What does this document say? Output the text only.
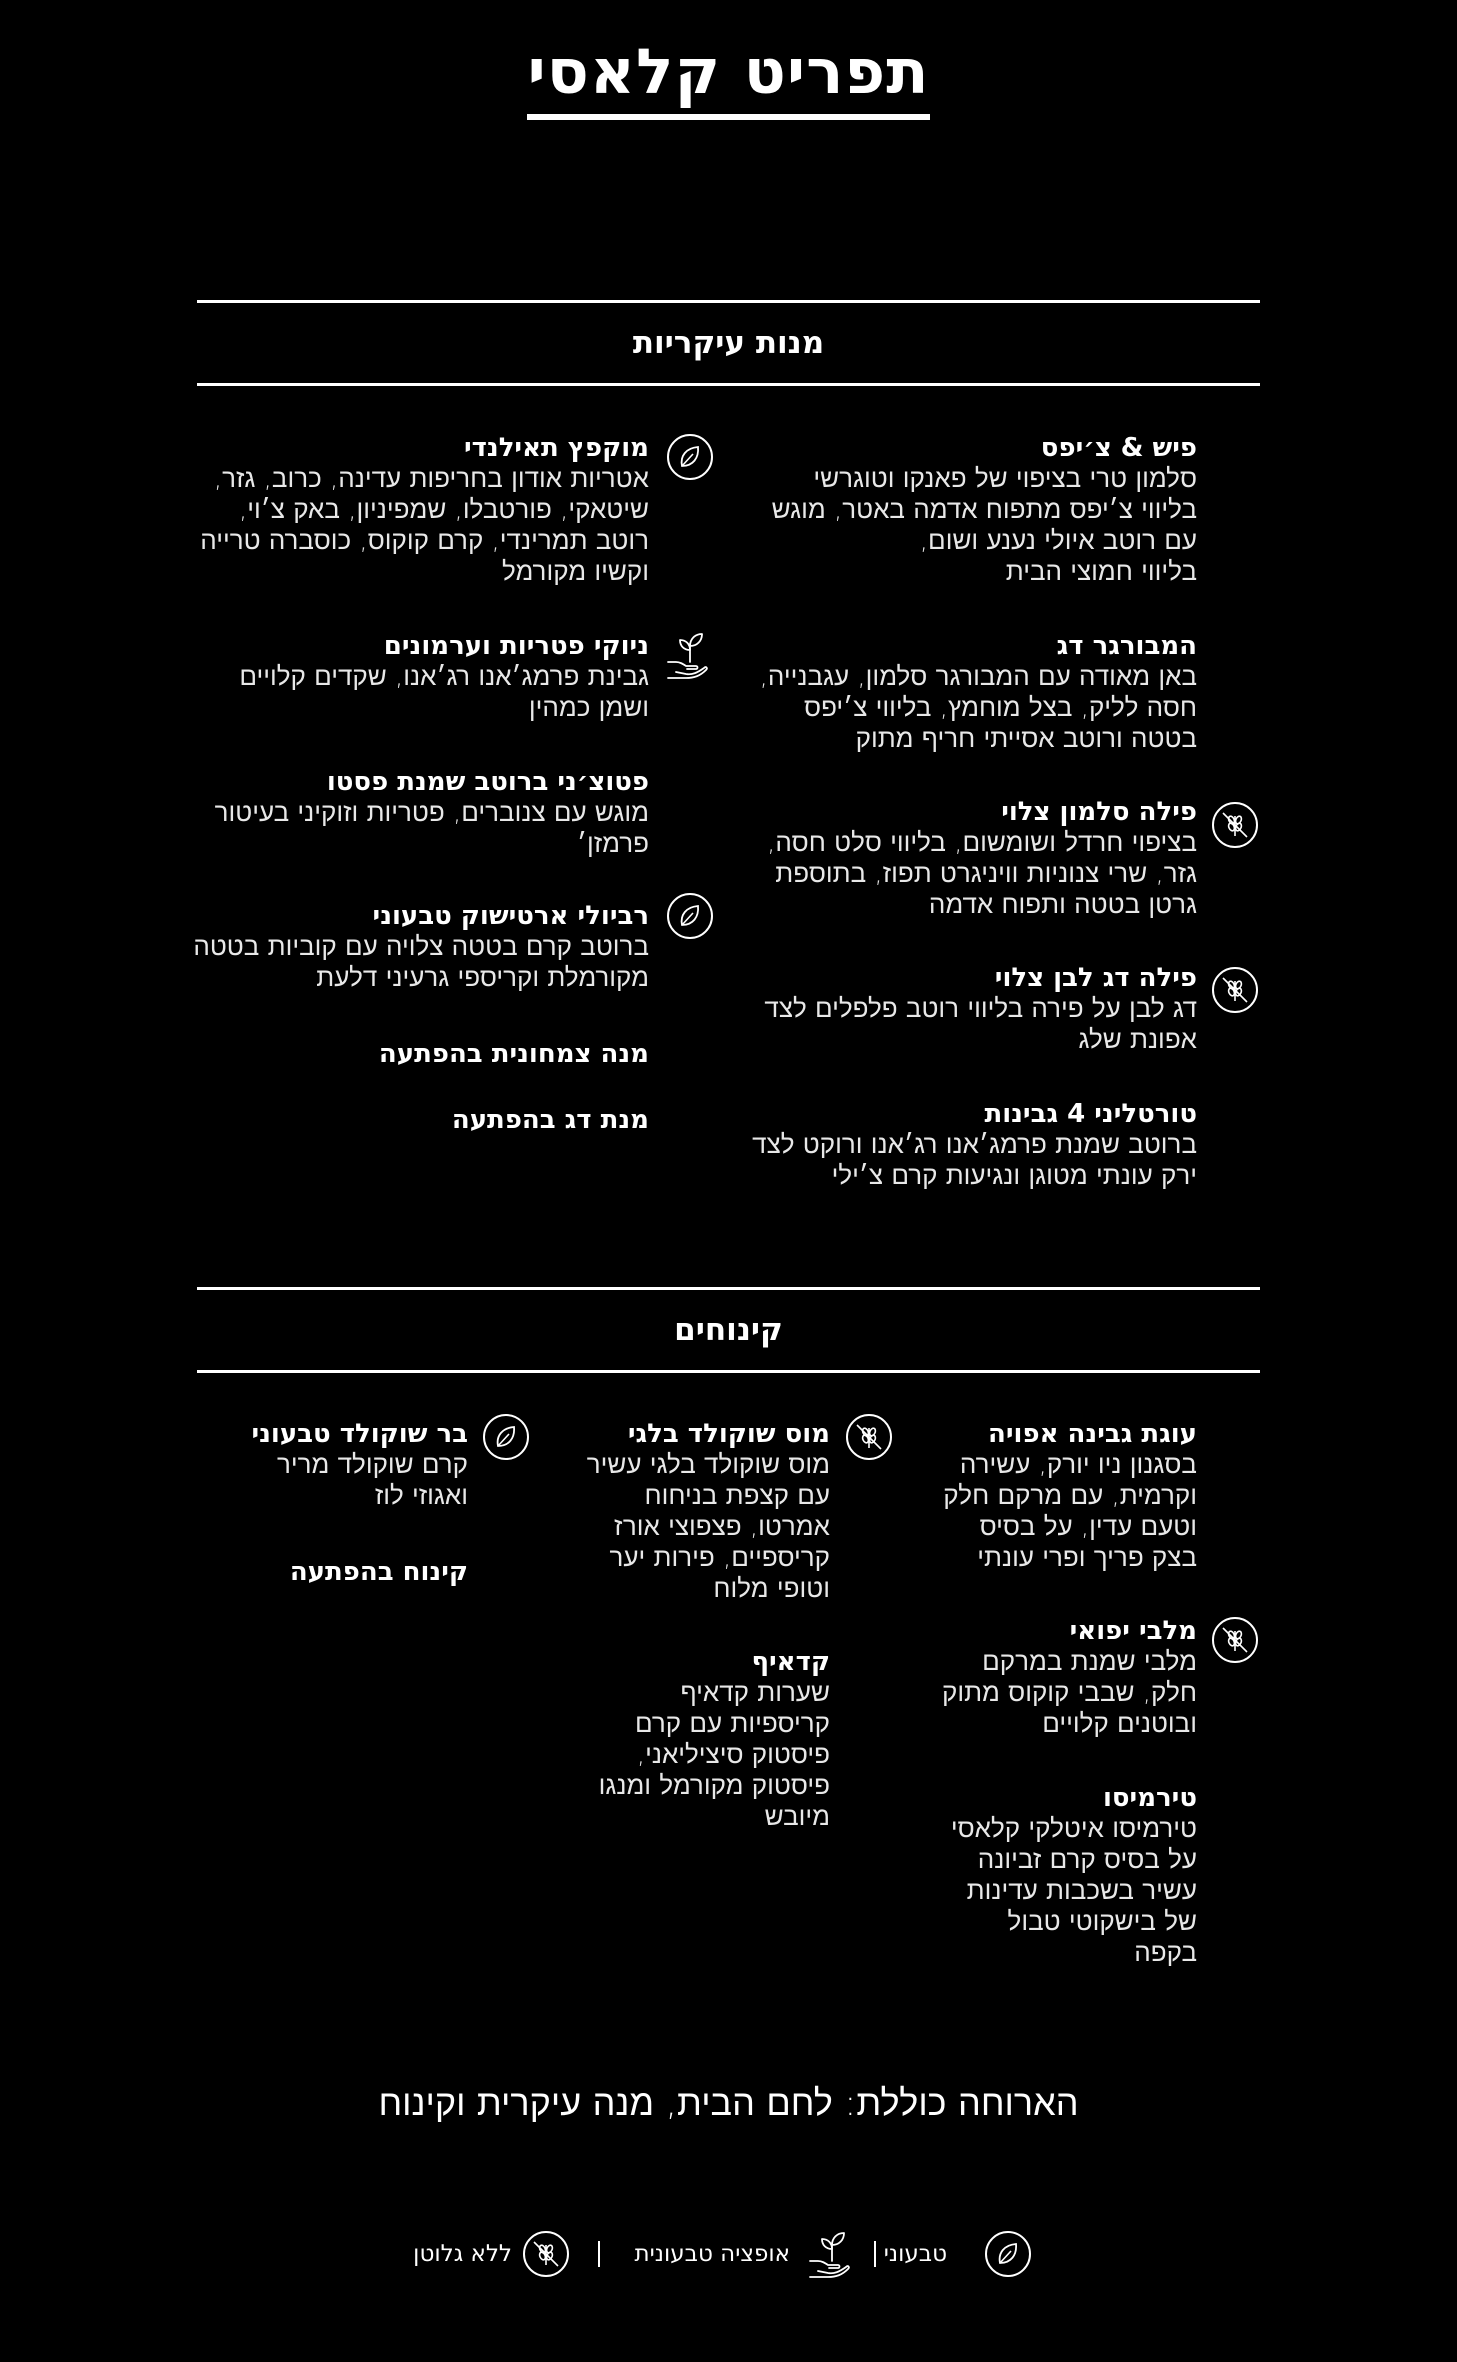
תפריט קלאסי
מנות עיקריות
פיש & צ׳יפס
סלמון טרי בציפוי של פאנקו וטוגרשי
בליווי צ׳יפס מתפוח אדמה באטר, מוגש
עם רוטב איולי נענע ושום,
בליווי חמוצי הבית
המבורגר דג
באן מאודה עם המבורגר סלמון, עגבנייה,
חסה לליק, בצל מוחמץ, בליווי צ׳יפס
בטטה ורוטב אסייתי חריף מתוק
פילה סלמון צלוי
בציפוי חרדל ושומשום, בליווי סלט חסה,
גזר, שרי צנוניות וויניגרט תפוז, בתוספת
גרטן בטטה ותפוח אדמה
פילה דג לבן צלוי
דג לבן על פירה בליווי רוטב פלפלים לצד
אפונת שלג
טורטליני 4 גבינות
ברוטב שמנת פרמג׳אנו רג׳אנו ורוקט לצד
ירק עונתי מטוגן ונגיעות קרם צ׳ילי
מוקפץ תאילנדי
אטריות אודון בחריפות עדינה, כרוב, גזר,
שיטאקי, פורטבלו, שמפיניון, באק צ׳וי,
רוטב תמרינדי, קרם קוקוס, כוסברה טרייה
וקשיו מקורמל
ניוקי פטריות וערמונים
גבינת פרמג׳אנו רג׳אנו, שקדים קלויים
ושמן כמהין
פטוצ׳ני ברוטב שמנת פסטו
מוגש עם צנוברים, פטריות וזוקיני בעיטור
פרמזן׳
רביולי ארטישוק טבעוני
ברוטב קרם בטטה צלויה עם קוביות בטטה
מקורמלת וקריספי גרעיני דלעת
מנה צמחונית בהפתעה
מנת דג בהפתעה
קינוחים
עוגת גבינה אפויה
בסגנון ניו יורק, עשירה
וקרמית, עם מרקם חלק
וטעם עדין, על בסיס
בצק פריך ופרי עונתי
מלבי יפואי
מלבי שמנת במרקם
חלק, שבבי קוקוס מתוק
ובוטנים קלויים
טירמיסו
טירמיסו איטלקי קלאסי
על בסיס קרם זביונה
עשיר בשכבות עדינות
של בישקוטי טבול
בקפה
מוס שוקולד בלגי
מוס שוקולד בלגי עשיר
עם קצפת בניחוח
אמרטו, פצפוצי אורז
קריספיים, פירות יער
וטופי מלוח
קדאיף
שערות קדאיף
קריספיות עם קרם
פיסטוק סיציליאני,
פיסטוק מקורמל ומנגו
מיובש
בר שוקולד טבעוני
קרם שוקולד מריר
ואגוזי לוז
קינוח בהפתעה
הארוחה כוללת: לחם הבית, מנה עיקרית וקינוח
טבעוני
אופציה טבעונית
ללא גלוטן
